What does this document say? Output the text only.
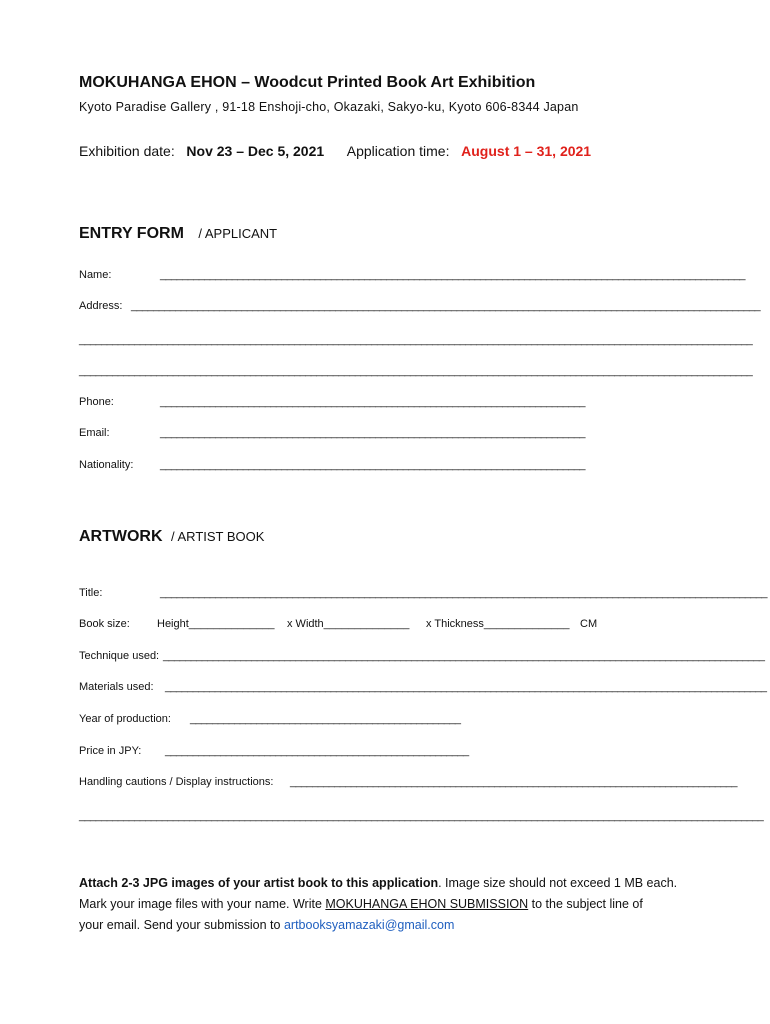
MOKUHANGA EHON – Woodcut Printed Book Art Exhibition
Kyoto Paradise Gallery , 91-18 Enshoji-cho, Okazaki, Sakyo-ku, Kyoto 606-8344 Japan
Exhibition date: Nov 23 – Dec 5, 2021 Application time: August 1 – 31, 2021
ENTRY FORM / APPLICANT
Name:	__________________________________________________________________________________________________________
Address: __________________________________________________________________________________________________________________
__________________________________________________________________________________________________________________________
__________________________________________________________________________________________________________________________
Phone:	_____________________________________________________________________________
Email:	_____________________________________________________________________________
Nationality: _____________________________________________________________________________
ARTWORK / ARTIST BOOK
Title:	______________________________________________________________________________________________________________
Book size: Height______________ x Width______________ x Thickness______________ CM
Technique used: _____________________________________________________________________________________________________________
Materials used: _____________________________________________________________________________________________________________
Year of production: _________________________________________________
Price in JPY: _______________________________________________________
Handling cautions / Display instructions: _________________________________________________________________________________
____________________________________________________________________________________________________________________________
Attach 2-3 JPG images of your artist book to this application. Image size should not exceed 1 MB each.
Mark your image files with your name. Write MOKUHANGA EHON SUBMISSION to the subject line of
your email. Send your submission to artbooksyamazaki@gmail.com
